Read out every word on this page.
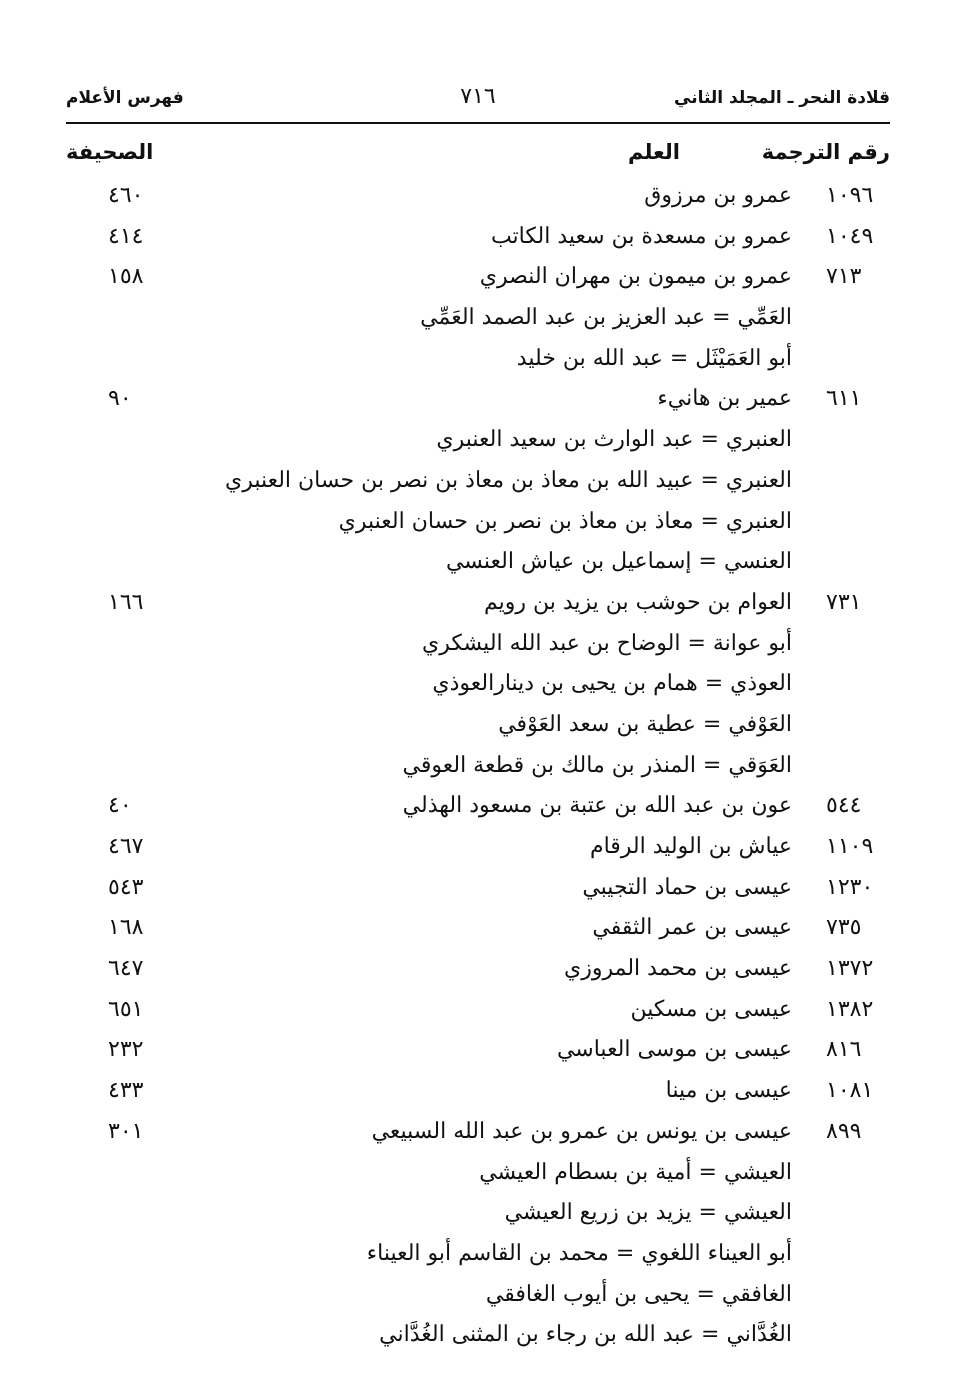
فهرس الأعلام	٧١٦	قلادة النحر ـ المجلد الثاني
رقم الترجمة
العلم
الصحيفة
١٠٩٦
عمرو بن مرزوق
٤٦٠
١٠٤٩
عمرو بن مسعدة بن سعيد الكاتب
٤١٤
٧١٣
عمرو بن ميمون بن مهران النصري
١٥٨
العَمِّي = عبد العزيز بن عبد الصمد العَمِّي
أبو العَمَيْثَل = عبد الله بن خليد
٦١١
عمير بن هانيء
٩٠
العنبري = عبد الوارث بن سعيد العنبري
العنبري = عبيد الله بن معاذ بن معاذ بن نصر بن حسان العنبري
العنبري = معاذ بن معاذ بن نصر بن حسان العنبري
العنسي = إسماعيل بن عياش العنسي
٧٣١
العوام بن حوشب بن يزيد بن رويم
١٦٦
أبو عوانة = الوضاح بن عبد الله اليشكري
العوذي = همام بن يحيى بن دينارالعوذي
العَوْفي = عطية بن سعد العَوْفي
العَوَقي = المنذر بن مالك بن قطعة العوقي
٥٤٤
عون بن عبد الله بن عتبة بن مسعود الهذلي
٤٠
١١٠٩
عياش بن الوليد الرقام
٤٦٧
١٢٣٠
عيسى بن حماد التجيبي
٥٤٣
٧٣٥
عيسى بن عمر الثقفي
١٦٨
١٣٧٢
عيسى بن محمد المروزي
٦٤٧
١٣٨٢
عيسى بن مسكين
٦٥١
٨١٦
عيسى بن موسى العباسي
٢٣٢
١٠٨١
عيسى بن مينا
٤٣٣
٨٩٩
عيسى بن يونس بن عمرو بن عبد الله السبيعي
٣٠١
العيشي = أمية بن بسطام العيشي
العيشي = يزيد بن زريع العيشي
أبو العيناء اللغوي = محمد بن القاسم أبو العيناء
الغافقي = يحيى بن أيوب الغافقي
الغُدَّاني = عبد الله بن رجاء بن المثنى الغُدَّاني
